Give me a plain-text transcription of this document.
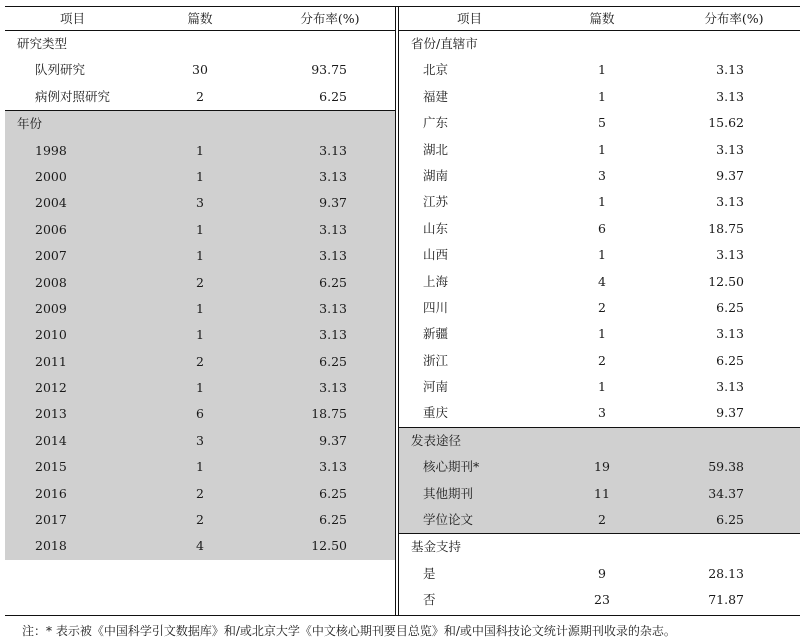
项目	篇数	分布率(%)
研究类型
队列研究	30	93.75
病例对照研究	2	6.25
年份
1998	1	3.13
2000	1	3.13
2004	3	9.37
2006	1	3.13
2007	1	3.13
2008	2	6.25
2009	1	3.13
2010	1	3.13
2011	2	6.25
2012	1	3.13
2013	6	18.75
2014	3	9.37
2015	1	3.13
2016	2	6.25
2017	2	6.25
2018	4	12.50
项目	篇数	分布率(%)
省份/直辖市
北京	1	3.13
福建	1	3.13
广东	5	15.62
湖北	1	3.13
湖南	3	9.37
江苏	1	3.13
山东	6	18.75
山西	1	3.13
上海	4	12.50
四川	2	6.25
新疆	1	3.13
浙江	2	6.25
河南	1	3.13
重庆	3	9.37
发表途径
核心期刊*	19	59.38
其他期刊	11	34.37
学位论文	2	6.25
基金支持
是	9	28.13
否	23	71.87
注：* 表示被《中国科学引文数据库》和/或北京大学《中文核心期刊要目总览》和/或中国科技论文统计源期刊收录的杂志。
